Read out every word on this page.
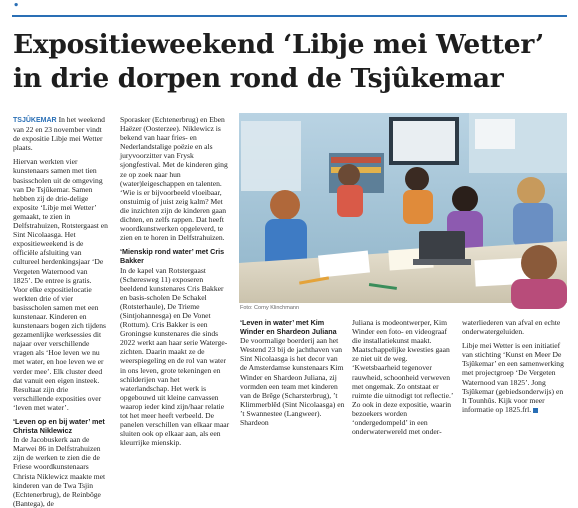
.
Expositieweekend ‘Libje mei Wetter’
in drie dorpen rond de Tsjûkemar

TSJÛKEMAR In het weekend van 22 en 23 november vindt de expositie Libje mei Wetter plaats.

Hiervan werkten vier kunstenaars samen met tien basisscholen uit de omgeving van De Tsjûkemar. Samen hebben zij de drie-delige exposite ‘Libje mei Wetter’ gemaakt, te zien in Delfstrahuizen, Rotstergaast en Sint Nicolaasga. Het expositieweekend is de officiële afsluiting van cultureel herdenkingsjaar ‘De Vergeten Waternood van 1825’. De entree is gratis.

Voor elke expositielocatie werkten drie of vier basisscholen samen met een kunstenaar. Kinderen en kunstenaars bogen zich tijdens gezamenlijke werksessies dit najaar over verschillende vragen als ‘Hoe leven we nu met water, en hoe leven we er verder mee’. Elk cluster deed dat vanuit een eigen insteek. Resultaat zijn drie verschillende exposities over ‘leven met water’.

‘Leven op en bij water’ met Christa Niklewicz

In de Jacobuskerk aan de Marwei 86 in Delfstrahuizen zijn de werken te zien die de Friese woordkunstenaars Christa Niklewicz maakte met kinderen van de Twa Tsjin (Echtenerbrug), de Reinbôge (Bantega), de

Sporasker (Echtenerbrug) en Eben Haëzer (Oosterzee). Niklewicz is bekend van haar fries- en Nederlandstalige poëzie en als juryvoorzitter van Frysk sjongfestival. Met de kinderen ging ze op zoek naar hun (water)leigeschappen en talenten. ‘Wie is er bijvoorbeeld vloeibaar, onstuimig of juist zeig kalm? Met die inzichten zijn de kinderen gaan dichten, en zelfs rappen. Dat heeft woordkunstwerken opgeleverd, te zien en te horen in Delfstrahuizen.

‘Mienskip rond water’ met Cris Bakker

In de kapel van Rotstergaast (Scheresweg 11) exposeren beeldend kunstenares Cris Bakker en basis-scholen De Schakel (Rotsterhaule), De Trieme (Sintjohannesga) en De Vonet (Rottum). Cris Bakker is een Groningse kunstenares die sinds 2022 werkt aan haar serie Waterge-zichten. Daarin maakt ze de weerspiegeling en de rol van water in ons leven, grote tekeningen en schilderijen van het waterlandschap. Het werk is opgebouwd uit kleine canvassen waarop ieder kind zijn/haar relatie tot het meer heeft verbeeld. De panelen verschillen van elkaar maar sluiten ook op elkaar aan, als een kleurrijke mienskip.

Foto: Corny Klinchmann

‘Leven in water’ met Kim Winder en Shardeon Juliana

De voormalige boerderij aan het Westend 23 bij de jachthaven van Sint Nicolaasga is het decor van de Amsterdamse kunstenaars Kim Winder en Shardeon Juliana, zij vormden een team met kinderen van de Brêge (Scharsterbrug), ’t Klimmerblêd (Sint Nicolaasga) en ’t Swannestee (Langweer). Shardeon

Juliana is modeontwerper, Kim Winder een foto- en videograaf die installatiekunst maakt. Maatschappelijke kwesties gaan ze niet uit de weg. ‘Kwetsbaarheid tegenover rauwheid, schoonheid verweven met ongemak. Zo ontstaat er ruimte die uitnodigt tot reflectie.’ Zo ook in deze expositie, waarin bezoekers worden ‘ondergedompeld’ in een onderwaterwereld met onder-

waterliederen van afval en echte onderwatergeluiden.

Libje mei Wetter is een initiatief van stichting ‘Kunst en Meer De Tsjûkemar’ en een samenwerking met projectgroep ‘De Vergeten Waternood van 1825’. Jong Tsjûkemar (gebiedsonderwijs) en It Tounhûs. Kijk voor meer informatie op 1825.frl.
